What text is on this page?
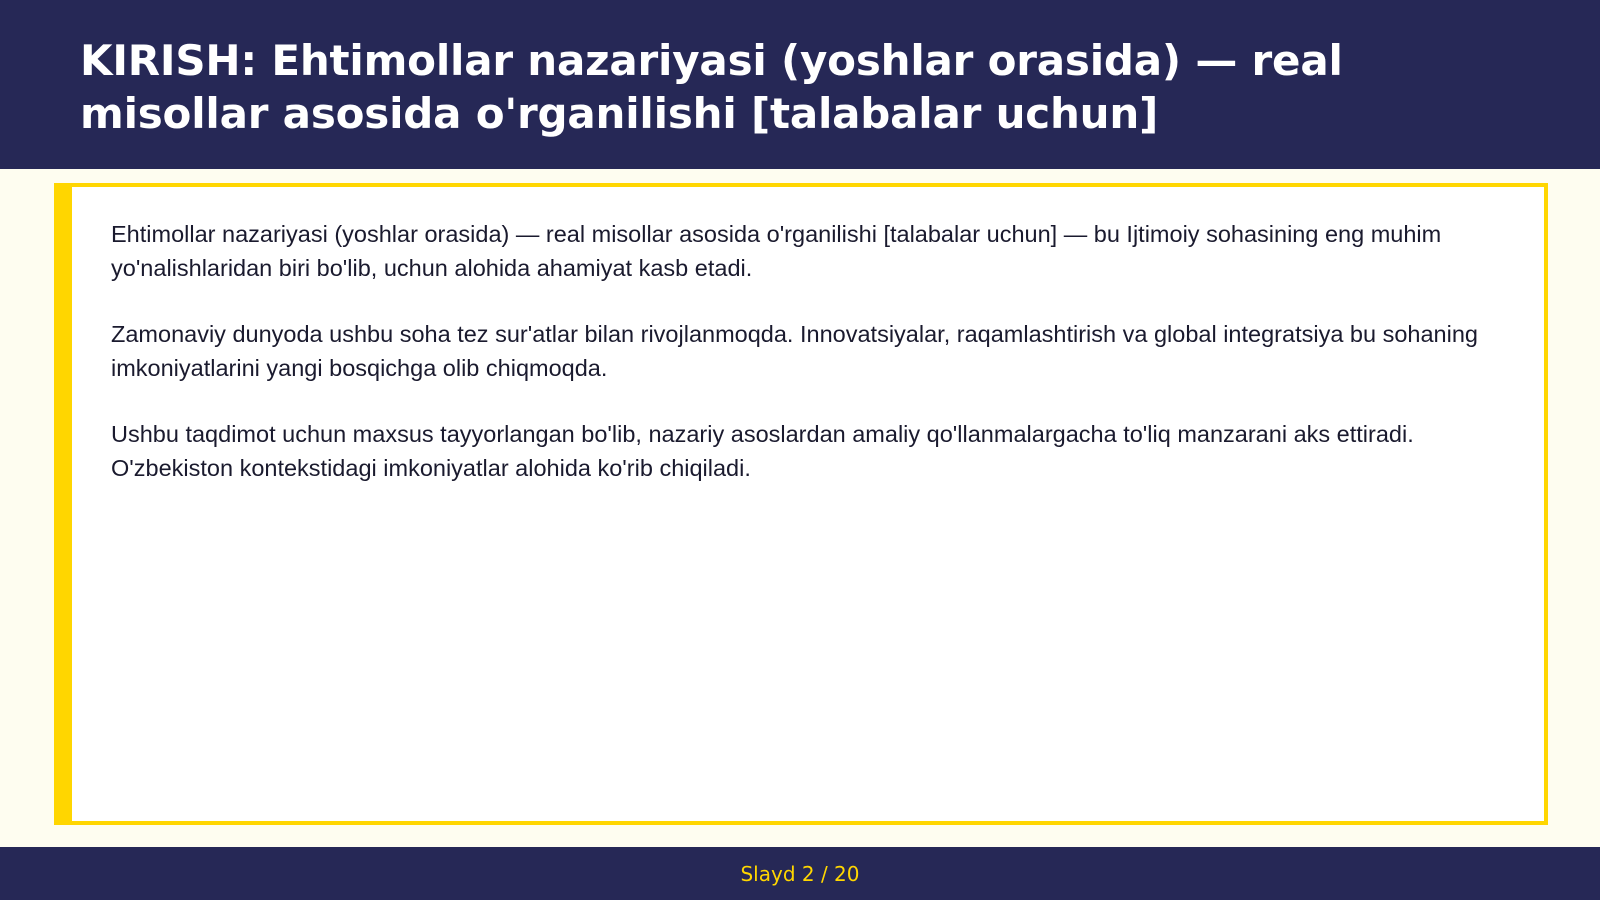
KIRISH: Ehtimollar nazariyasi (yoshlar orasida) — real misollar asosida o'rganilishi [talabalar uchun]

Ehtimollar nazariyasi (yoshlar orasida) — real misollar asosida o'rganilishi [talabalar uchun] — bu Ijtimoiy sohasining eng muhim yo'nalishlaridan biri bo'lib, uchun alohida ahamiyat kasb etadi.

Zamonaviy dunyoda ushbu soha tez sur'atlar bilan rivojlanmoqda. Innovatsiyalar, raqamlashtirish va global integratsiya bu sohaning imkoniyatlarini yangi bosqichga olib chiqmoqda.

Ushbu taqdimot uchun maxsus tayyorlangan bo'lib, nazariy asoslardan amaliy qo'llanmalargacha to'liq manzarani aks ettiradi. O'zbekiston kontekstidagi imkoniyatlar alohida ko'rib chiqiladi.

Slayd 2 / 20
